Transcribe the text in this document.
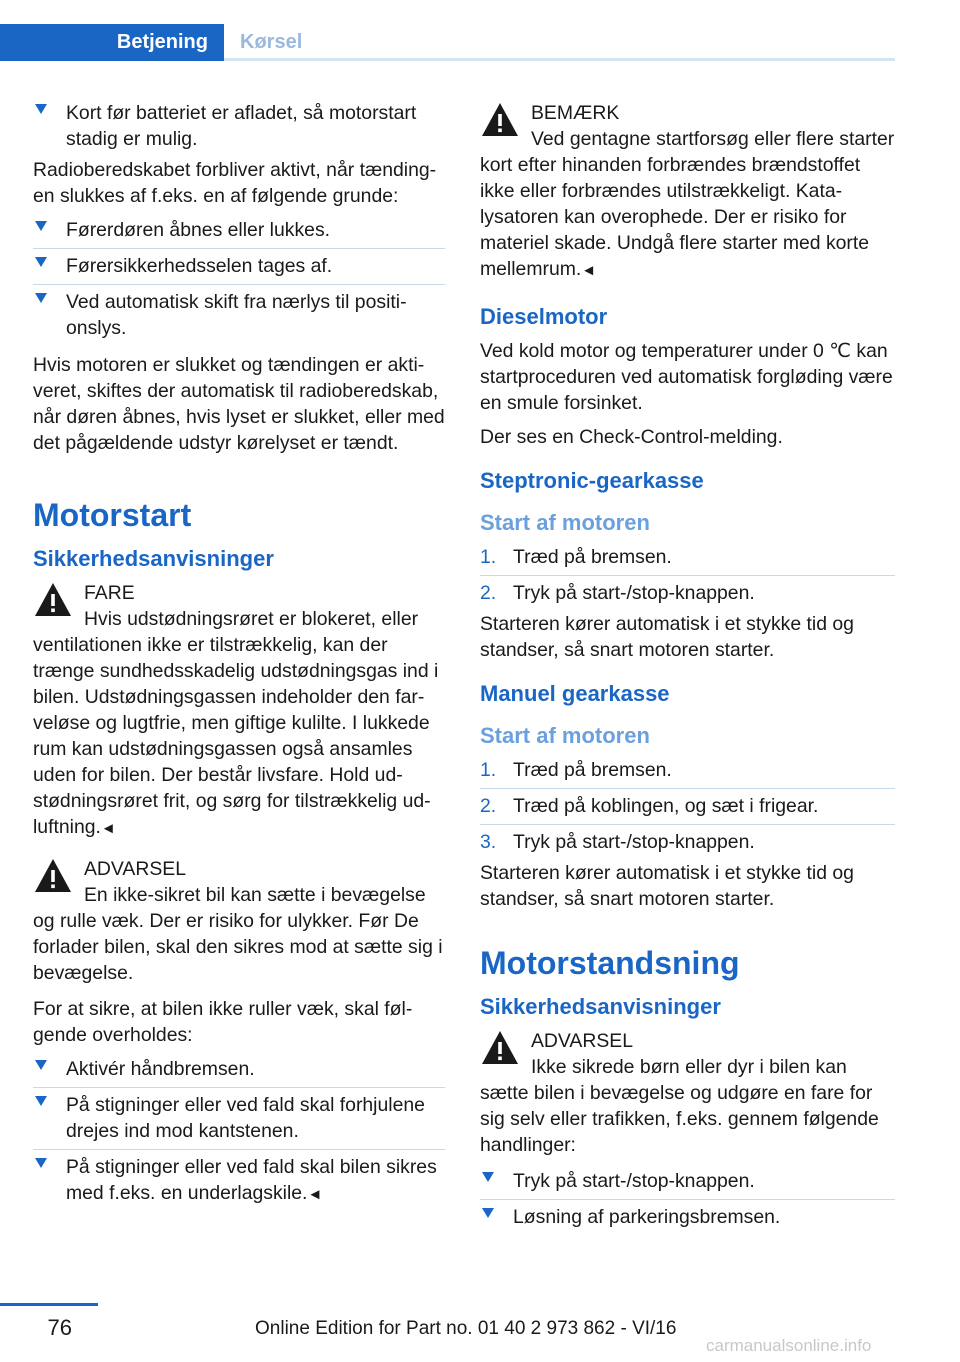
Betjening	Kørsel
Kort før batteriet er afladet, så motorstart stadig er mulig.

Radioberedskabet forbliver aktivt, når tændingen slukkes af f.eks. en af følgende grunde:

Førerdøren åbnes eller lukkes.
Førersikkerhedsselen tages af.
Ved automatisk skift fra nærlys til positionslys.

Hvis motoren er slukket og tændingen er aktiveret, skiftes der automatisk til radioberedskab, når døren åbnes, hvis lyset er slukket, eller med det pågældende udstyr kørelyset er tændt.

Motorstart
Sikkerhedsanvisninger
FARE
Hvis udstødningsrøret er blokeret, eller ventilationen ikke er tilstrækkelig, kan der trænge sundhedsskadelig udstødningsgas ind i bilen. Udstødningsgassen indeholder den farveløse og lugtfrie, men giftige kulilte. I lukkede rum kan udstødningsgassen også ansamles uden for bilen. Der består livsfare. Hold udstødningsrøret frit, og sørg for tilstrækkelig udluftning.◄
ADVARSEL
En ikke-sikret bil kan sætte i bevægelse og rulle væk. Der er risiko for ulykker. Før De forlader bilen, skal den sikres mod at sætte sig i bevægelse.

For at sikre, at bilen ikke ruller væk, skal følgende overholdes:

Aktivér håndbremsen.
På stigninger eller ved fald skal forhjulene drejes ind mod kantstenen.
På stigninger eller ved fald skal bilen sikres med f.eks. en underlagskile.◄
BEMÆRK
Ved gentagne startforsøg eller flere starter kort efter hinanden forbrændes brændstoffet ikke eller forbrændes utilstrækkeligt. Katalysatoren kan overophede. Der er risiko for materiel skade. Undgå flere starter med korte mellemrum.◄
Dieselmotor

Ved kold motor og temperaturer under 0 ℃ kan startproceduren ved automatisk forgløding være en smule forsinket.

Der ses en Check-Control-melding.

Steptronic-gearkasse
Start af motoren
1. Træd på bremsen.
2. Tryk på start-/stop-knappen.

Starteren kører automatisk i et stykke tid og standser, så snart motoren starter.

Manuel gearkasse
Start af motoren
1. Træd på bremsen.
2. Træd på koblingen, og sæt i frigear.
3. Tryk på start-/stop-knappen.

Starteren kører automatisk i et stykke tid og standser, så snart motoren starter.

Motorstandsning
Sikkerhedsanvisninger
ADVARSEL
Ikke sikrede børn eller dyr i bilen kan sætte bilen i bevægelse og udgøre en fare for sig selv eller trafikken, f.eks. gennem følgende handlinger:
Tryk på start-/stop-knappen.
Løsning af parkeringsbremsen.
76	Online Edition for Part no. 01 40 2 973 862 - VI/16
carmanualsonline.info
